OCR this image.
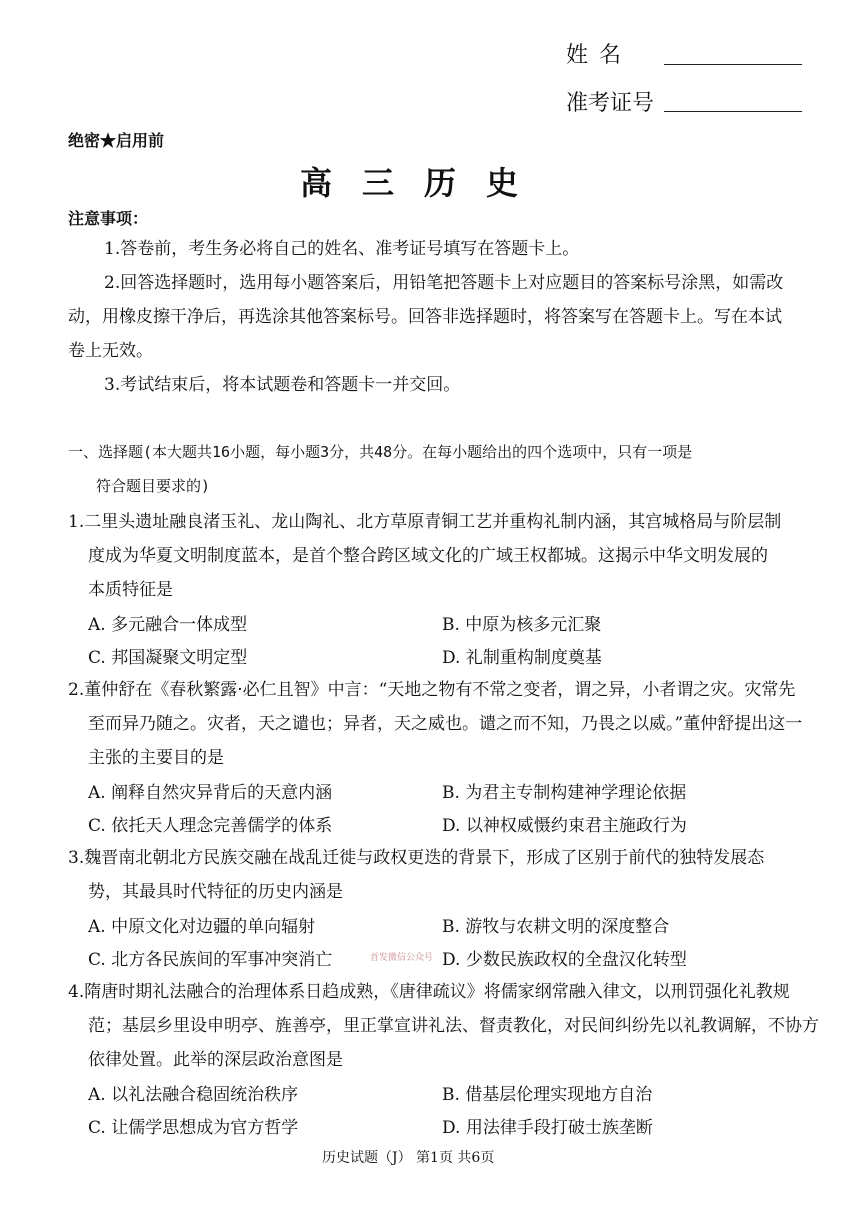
姓 名
准考证号
绝密★启用前
高三历史
注意事项：
1.答卷前，考生务必将自己的姓名、准考证号填写在答题卡上。
2.回答选择题时，选用每小题答案后，用铅笔把答题卡上对应题目的答案标号涂黑，如需改
动，用橡皮擦干净后，再选涂其他答案标号。回答非选择题时，将答案写在答题卡上。写在本试
卷上无效。
3.考试结束后，将本试题卷和答题卡一并交回。
一、选择题(本大题共16小题，每小题3分，共48分。在每小题给出的四个选项中，只有一项是
符合题目要求的)
1.二里头遗址融良渚玉礼、龙山陶礼、北方草原青铜工艺并重构礼制内涵，其宫城格局与阶层制
度成为华夏文明制度蓝本，是首个整合跨区域文化的广域王权都城。这揭示中华文明发展的
本质特征是
A. 多元融合一体成型	B. 中原为核多元汇聚
C. 邦国凝聚文明定型	D. 礼制重构制度奠基
2.董仲舒在《春秋繁露·必仁且智》中言：“天地之物有不常之变者，谓之异，小者谓之灾。灾常先
至而异乃随之。灾者，天之谴也；异者，天之威也。谴之而不知，乃畏之以威。”董仲舒提出这一
主张的主要目的是
A. 阐释自然灾异背后的天意内涵	B. 为君主专制构建神学理论依据
C. 依托天人理念完善儒学的体系	D. 以神权威慑约束君主施政行为
3.魏晋南北朝北方民族交融在战乱迁徙与政权更迭的背景下，形成了区别于前代的独特发展态
势，其最具时代特征的历史内涵是
A. 中原文化对边疆的单向辐射	B. 游牧与农耕文明的深度整合
C. 北方各民族间的军事冲突消亡	首发微信公众号 D. 少数民族政权的全盘汉化转型
4.隋唐时期礼法融合的治理体系日趋成熟，《唐律疏议》将儒家纲常融入律文，以刑罚强化礼教规
范；基层乡里设申明亭、旌善亭，里正掌宣讲礼法、督责教化，对民间纠纷先以礼教调解，不协方
依律处置。此举的深层政治意图是
A. 以礼法融合稳固统治秩序	B. 借基层伦理实现地方自治
C. 让儒学思想成为官方哲学	D. 用法律手段打破士族垄断
历史试题（J） 第1页 共6页
